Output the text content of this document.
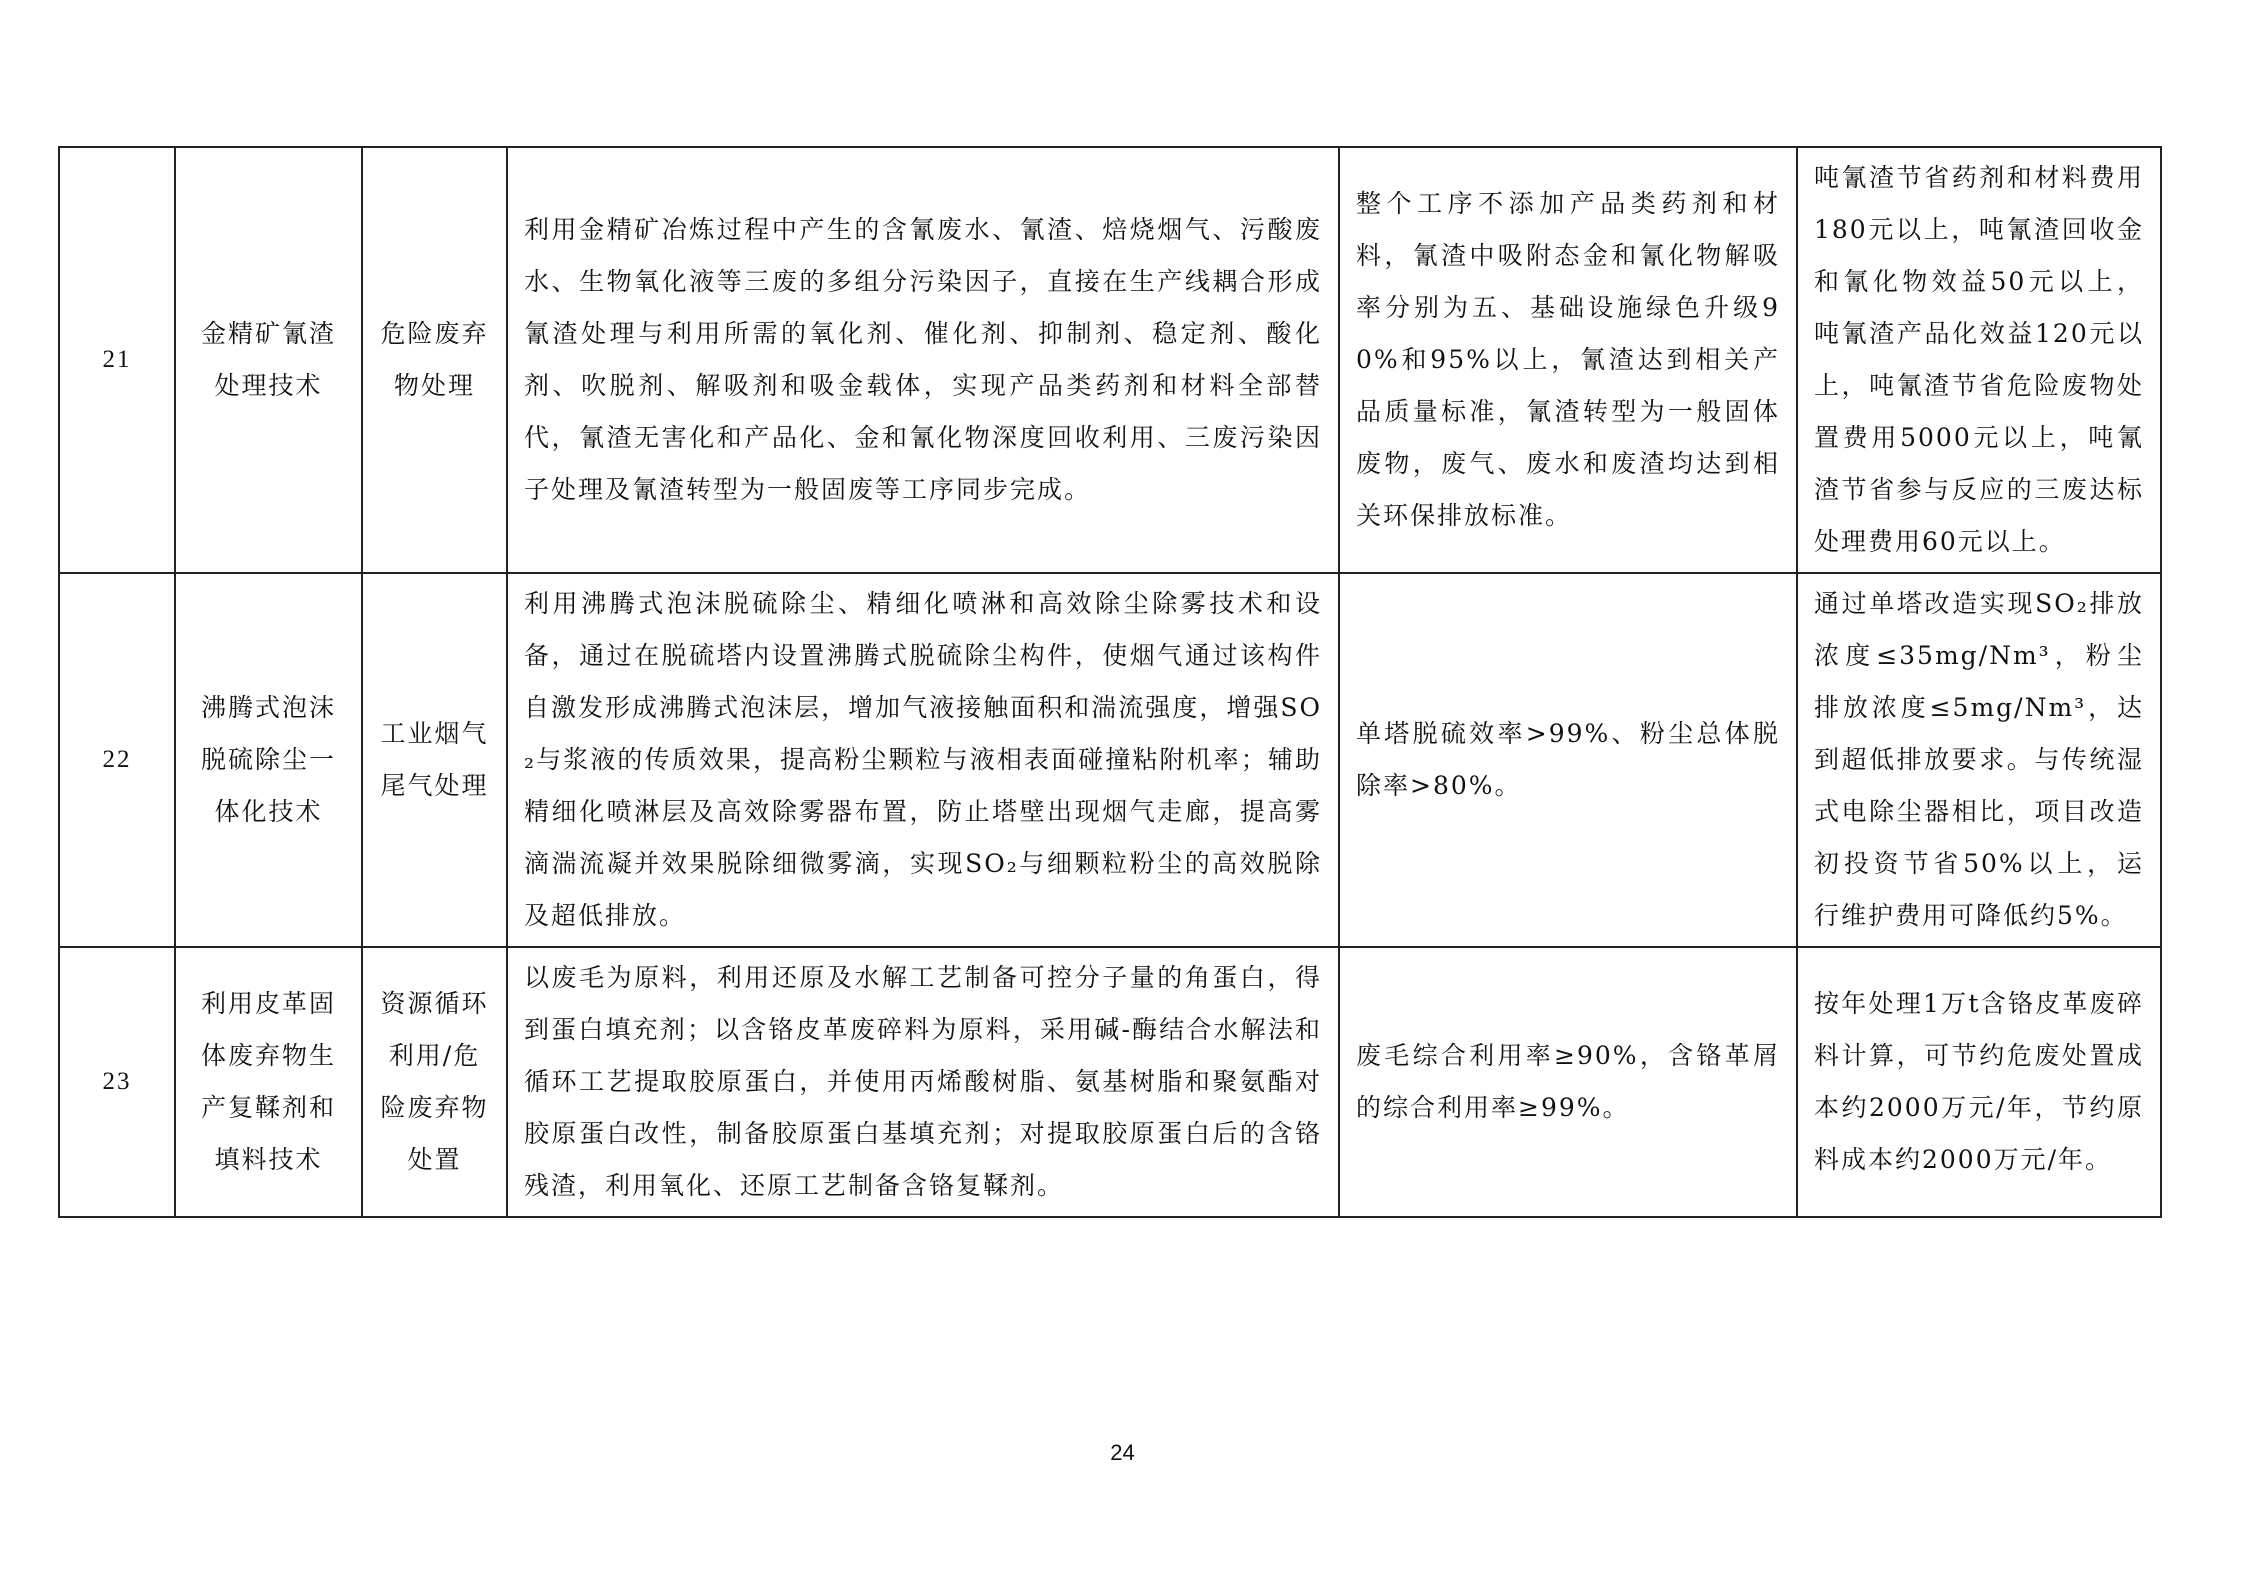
21	金精矿氰渣处理技术	危险废弃物处理	利用金精矿冶炼过程中产生的含氰废水、氰渣、焙烧烟气、污酸废水、生物氧化液等三废的多组分污染因子，直接在生产线耦合形成氰渣处理与利用所需的氧化剂、催化剂、抑制剂、稳定剂、酸化剂、吹脱剂、解吸剂和吸金载体，实现产品类药剂和材料全部替代，氰渣无害化和产品化、金和氰化物深度回收利用、三废污染因子处理及氰渣转型为一般固废等工序同步完成。	整个工序不添加产品类药剂和材料，氰渣中吸附态金和氰化物解吸率分别为五、基础设施绿色升级90%和95%以上，氰渣达到相关产品质量标准，氰渣转型为一般固体废物，废气、废水和废渣均达到相关环保排放标准。	吨氰渣节省药剂和材料费用180元以上，吨氰渣回收金和氰化物效益50元以上，吨氰渣产品化效益120元以上，吨氰渣节省危险废物处置费用5000元以上，吨氰渣节省参与反应的三废达标处理费用60元以上。
22	沸腾式泡沫脱硫除尘一体化技术	工业烟气尾气处理	利用沸腾式泡沫脱硫除尘、精细化喷淋和高效除尘除雾技术和设备，通过在脱硫塔内设置沸腾式脱硫除尘构件，使烟气通过该构件自激发形成沸腾式泡沫层，增加气液接触面积和湍流强度，增强SO₂与浆液的传质效果，提高粉尘颗粒与液相表面碰撞粘附机率；辅助精细化喷淋层及高效除雾器布置，防止塔壁出现烟气走廊，提高雾滴湍流凝并效果脱除细微雾滴，实现SO₂与细颗粒粉尘的高效脱除及超低排放。	单塔脱硫效率>99%、粉尘总体脱除率>80%。	通过单塔改造实现SO₂排放浓度≤35mg/Nm³，粉尘排放浓度≤5mg/Nm³，达到超低排放要求。与传统湿式电除尘器相比，项目改造初投资节省50%以上，运行维护费用可降低约5%。
23	利用皮革固体废弃物生产复鞣剂和填料技术	资源循环利用/危险废弃物处置	以废毛为原料，利用还原及水解工艺制备可控分子量的角蛋白，得到蛋白填充剂；以含铬皮革废碎料为原料，采用碱-酶结合水解法和循环工艺提取胶原蛋白，并使用丙烯酸树脂、氨基树脂和聚氨酯对胶原蛋白改性，制备胶原蛋白基填充剂；对提取胶原蛋白后的含铬残渣，利用氧化、还原工艺制备含铬复鞣剂。	废毛综合利用率≥90%，含铬革屑的综合利用率≥99%。	按年处理1万t含铬皮革废碎料计算，可节约危废处置成本约2000万元/年，节约原料成本约2000万元/年。
24
